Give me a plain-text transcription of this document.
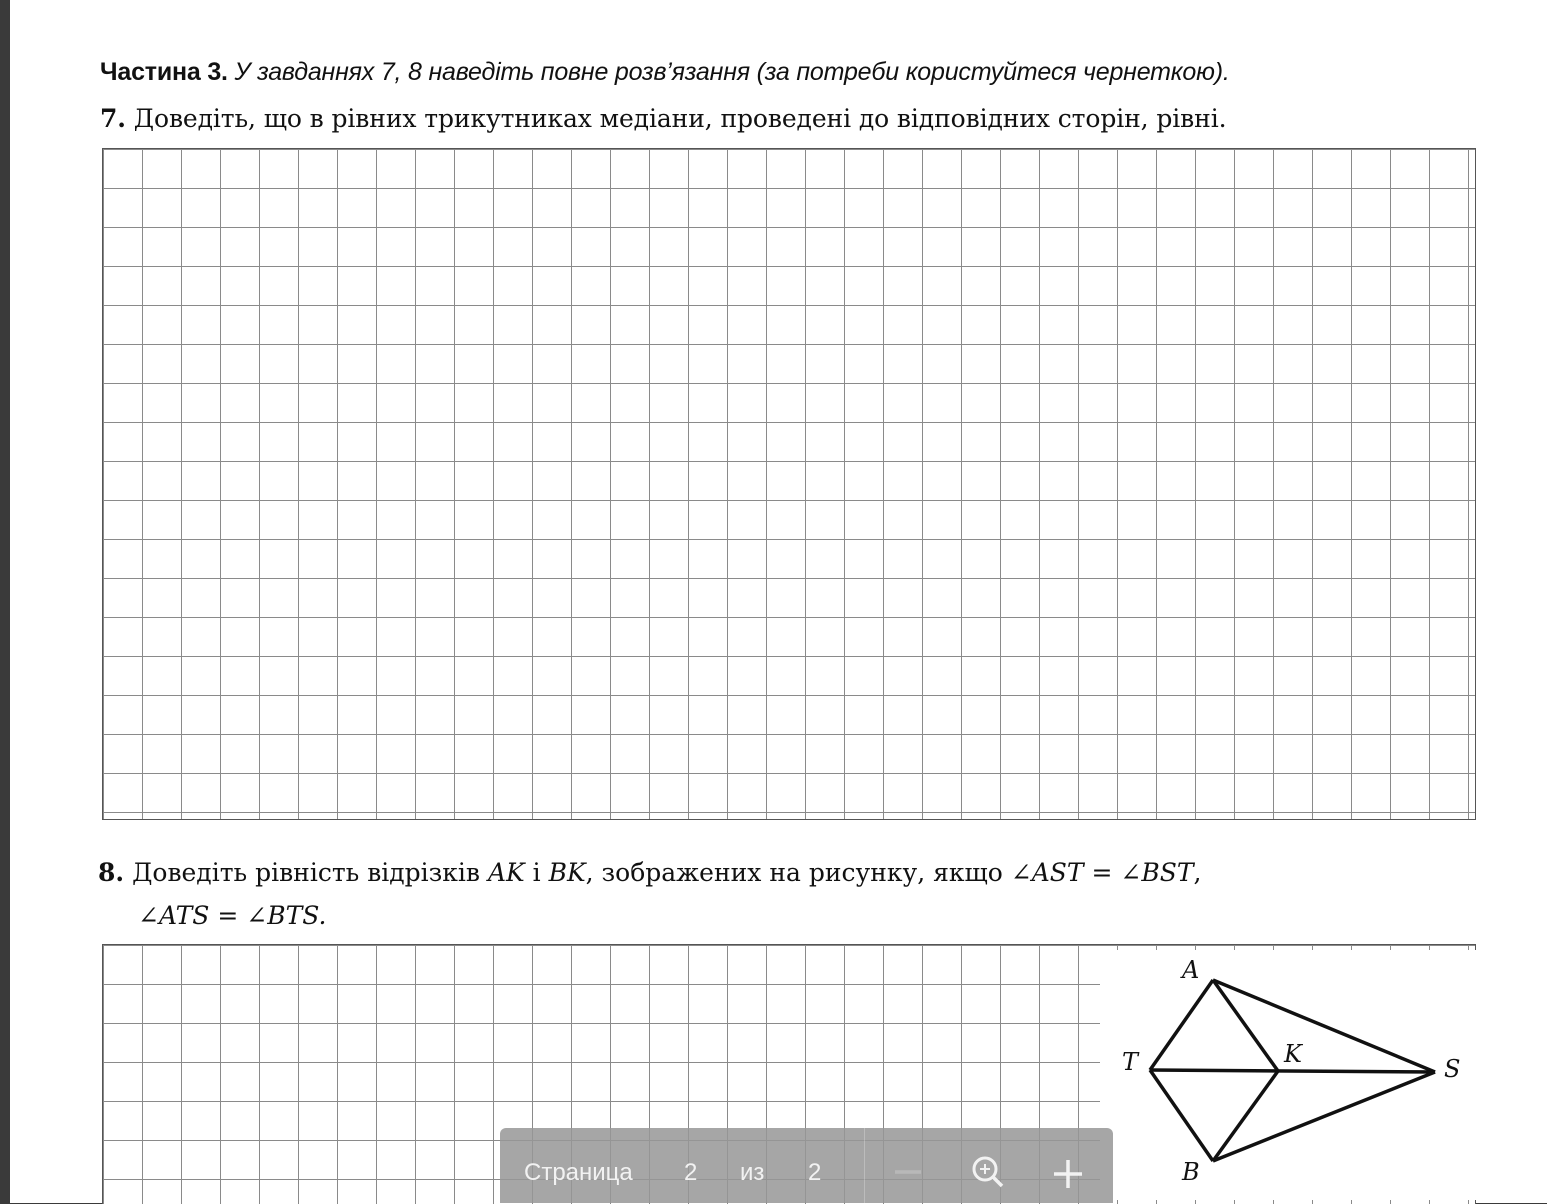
Частина 3. У завданнях 7, 8 наведіть повне розв’язання (за потреби користуйтеся чернеткою).
7. Доведіть, що в рівних трикутниках медіани, проведені до відповідних сторін, рівні.
8. Доведіть рівність відрізків AK і BK, зображених на рисунку, якщо ∠AST = ∠BST,
∠ATS = ∠BTS.
A
T	K
S
B
Страница 2 из 2
